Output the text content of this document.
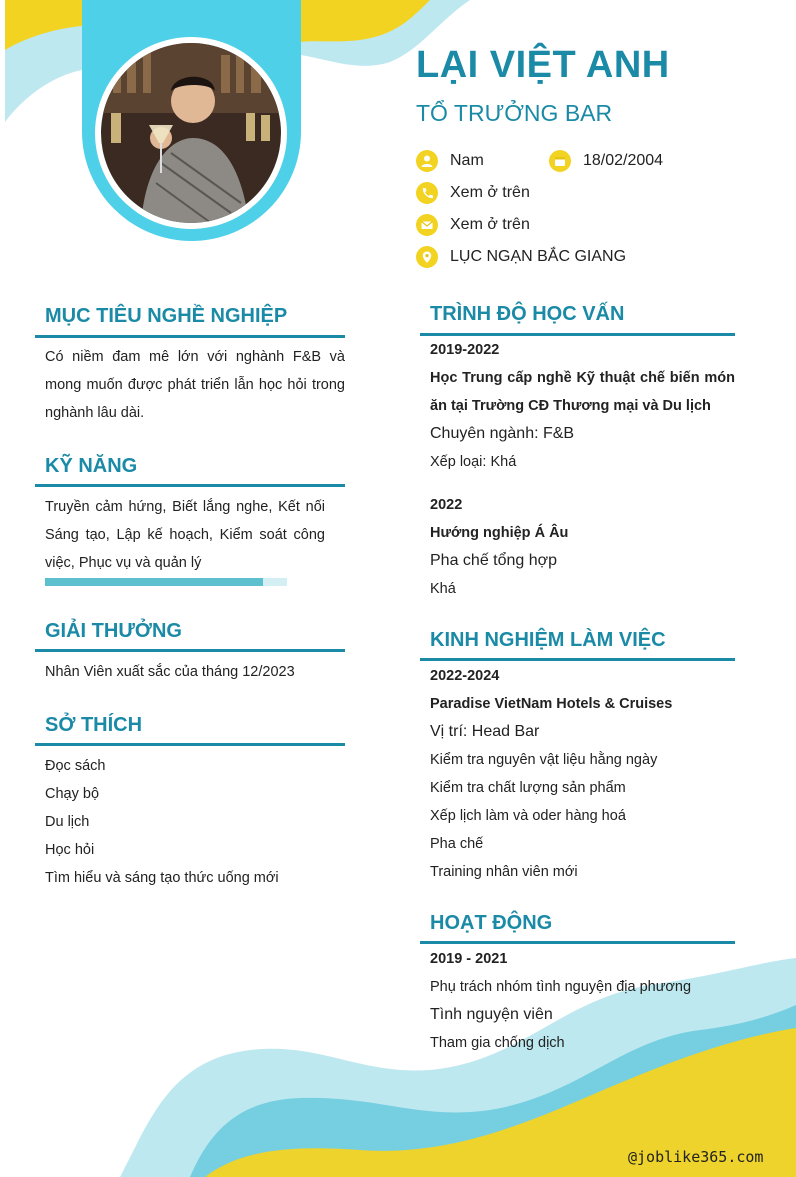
LẠI VIỆT ANH
TỔ TRƯỞNG BAR
Nam	18/02/2004
Xem ở trên
Xem ở trên
LỤC NGẠN BẮC GIANG
MỤC TIÊU NGHỀ NGHIỆP
Có niềm đam mê lớn với nghành F&B và mong muốn được phát triển lẫn học hỏi trong nghành lâu dài.
KỸ NĂNG
Truyền cảm hứng, Biết lắng nghe, Kết nối Sáng tạo, Lập kế hoạch, Kiểm soát công việc, Phục vụ và quản lý
GIẢI THƯỞNG
Nhân Viên xuất sắc của tháng 12/2023
SỞ THÍCH
Đọc sách
Chạy bộ
Du lịch
Học hỏi
Tìm hiểu và sáng tạo thức uống mới
TRÌNH ĐỘ HỌC VẤN
2019-2022
Học Trung cấp nghề Kỹ thuật chế biến món ăn tại Trường CĐ Thương mại và Du lịch
Chuyên ngành: F&B
Xếp loại: Khá
2022
Hướng nghiệp Á Âu
Pha chế tổng hợp
Khá
KINH NGHIỆM LÀM VIỆC
2022-2024
Paradise VietNam Hotels & Cruises
Vị trí: Head Bar
Kiểm tra nguyên vật liệu hằng ngày
Kiểm tra chất lượng sản phẩm
Xếp lịch làm và oder hàng hoá
Pha chế
Training nhân viên mới
HOẠT ĐỘNG
2019 - 2021
Phụ trách nhóm tình nguyện địa phương
Tình nguyện viên
Tham gia chống dịch
@joblike365.com
